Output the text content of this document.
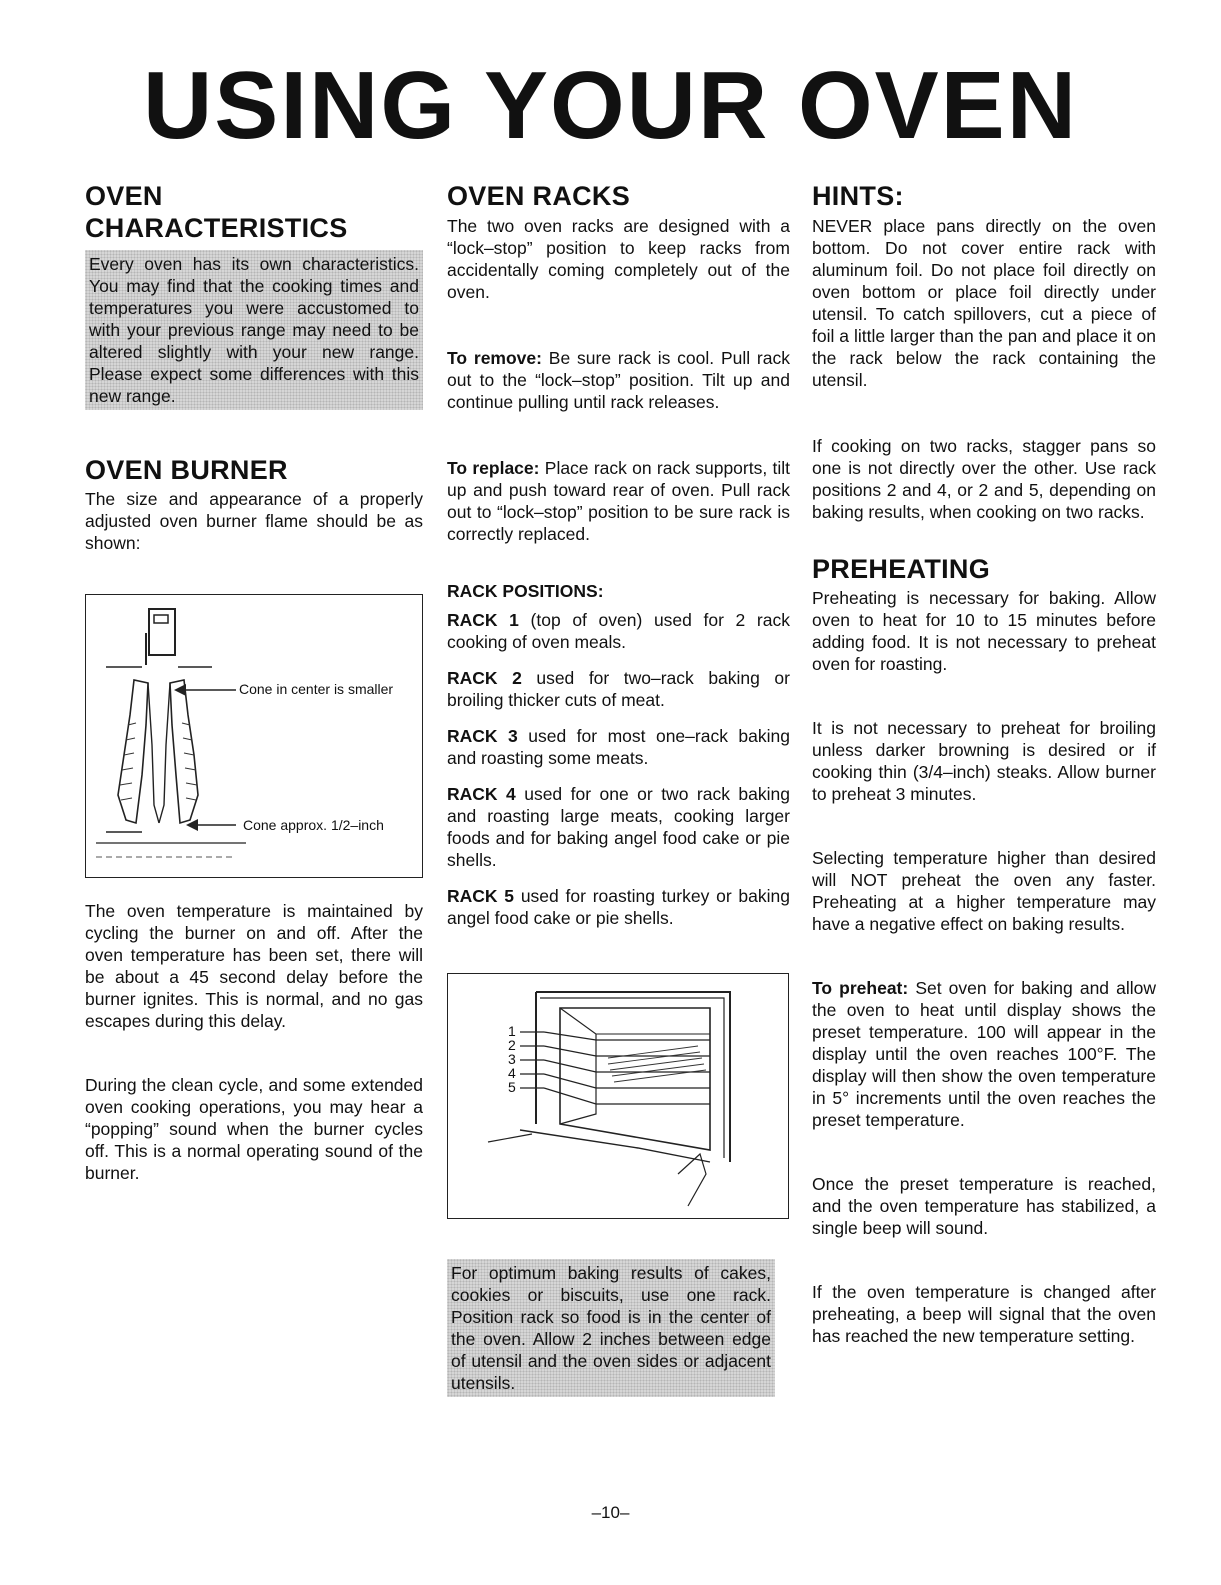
USING YOUR OVEN
OVEN CHARACTERISTICS

Every oven has its own characteristics. You may find that the cooking times and temperatures you were accustomed to with your previous range may need to be altered slightly with your new range. Please expect some differences with this new range.

OVEN BURNER

The size and appearance of a properly adjusted oven burner flame should be as shown:

Cone in center is smaller
Cone approx. 1/2–inch

The oven temperature is maintained by cycling the burner on and off. After the oven temperature has been set, there will be about a 45 second delay before the burner ignites. This is normal, and no gas escapes during this delay.

During the clean cycle, and some extended oven cooking operations, you may hear a “popping” sound when the burner cycles off. This is a normal operating sound of the burner.

OVEN RACKS

The two oven racks are designed with a “lock–stop” position to keep racks from accidentally coming completely out of the oven.

To remove: Be sure rack is cool. Pull rack out to the “lock–stop” position. Tilt up and continue pulling until rack releases.

To replace: Place rack on rack supports, tilt up and push toward rear of oven. Pull rack out to “lock–stop” position to be sure rack is correctly replaced.

RACK POSITIONS:

RACK 1 (top of oven) used for 2 rack cooking of oven meals.

RACK 2 used for two–rack baking or broiling thicker cuts of meat.

RACK 3 used for most one–rack baking and roasting some meats.

RACK 4 used for one or two rack baking and roasting large meats, cooking larger foods and for baking angel food cake or pie shells.

RACK 5 used for roasting turkey or baking angel food cake or pie shells.

1
2
3
4
5

For optimum baking results of cakes, cookies or biscuits, use one rack. Position rack so food is in the center of the oven. Allow 2 inches between edge of utensil and the oven sides or adjacent utensils.

HINTS:

NEVER place pans directly on the oven bottom. Do not cover entire rack with aluminum foil. Do not place foil directly on oven bottom or place foil directly under utensil. To catch spillovers, cut a piece of foil a little larger than the pan and place it on the rack below the rack containing the utensil.

If cooking on two racks, stagger pans so one is not directly over the other. Use rack positions 2 and 4, or 2 and 5, depending on baking results, when cooking on two racks.

PREHEATING

Preheating is necessary for baking. Allow oven to heat for 10 to 15 minutes before adding food. It is not necessary to preheat oven for roasting.

It is not necessary to preheat for broiling unless darker browning is desired or if cooking thin (3/4–inch) steaks. Allow burner to preheat 3 minutes.

Selecting temperature higher than desired will NOT preheat the oven any faster. Preheating at a higher temperature may have a negative effect on baking results.

To preheat: Set oven for baking and allow the oven to heat until display shows the preset temperature. 100 will appear in the display until the oven reaches 100°F. The display will then show the oven temperature in 5° increments until the oven reaches the preset temperature.

Once the preset temperature is reached, and the oven temperature has stabilized, a single beep will sound.

If the oven temperature is changed after preheating, a beep will signal that the oven has reached the new temperature setting.

–10–
